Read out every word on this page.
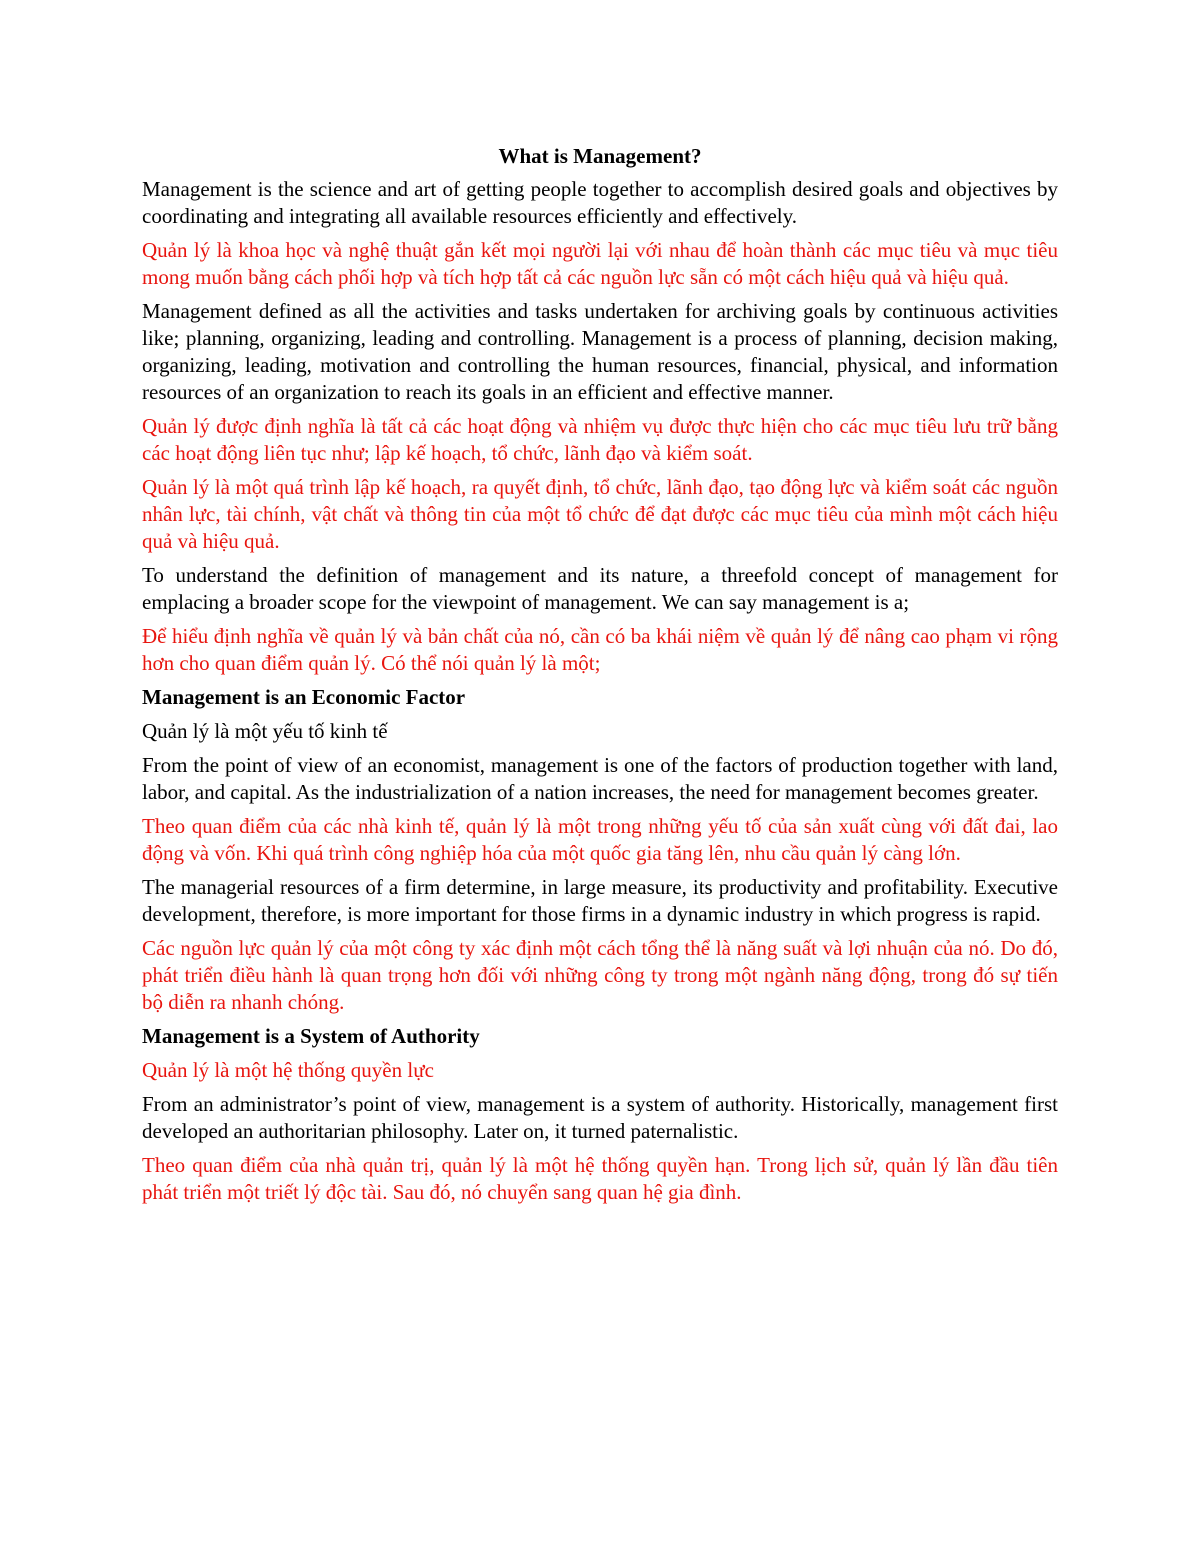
What is Management?
Management is the science and art of getting people together to accomplish desired goals and objectives by coordinating and integrating all available resources efficiently and effectively.
Quản lý là khoa học và nghệ thuật gắn kết mọi người lại với nhau để hoàn thành các mục tiêu và mục tiêu mong muốn bằng cách phối hợp và tích hợp tất cả các nguồn lực sẵn có một cách hiệu quả và hiệu quả.
Management defined as all the activities and tasks undertaken for archiving goals by continuous activities like; planning, organizing, leading and controlling. Management is a process of planning, decision making, organizing, leading, motivation and controlling the human resources, financial, physical, and information resources of an organization to reach its goals in an efficient and effective manner.
Quản lý được định nghĩa là tất cả các hoạt động và nhiệm vụ được thực hiện cho các mục tiêu lưu trữ bằng các hoạt động liên tục như; lập kế hoạch, tổ chức, lãnh đạo và kiểm soát.
Quản lý là một quá trình lập kế hoạch, ra quyết định, tổ chức, lãnh đạo, tạo động lực và kiểm soát các nguồn nhân lực, tài chính, vật chất và thông tin của một tổ chức để đạt được các mục tiêu của mình một cách hiệu quả và hiệu quả.
To understand the definition of management and its nature, a threefold concept of management for emplacing a broader scope for the viewpoint of management. We can say management is a;
Để hiểu định nghĩa về quản lý và bản chất của nó, cần có ba khái niệm về quản lý để nâng cao phạm vi rộng hơn cho quan điểm quản lý. Có thể nói quản lý là một;
Management is an Economic Factor
Quản lý là một yếu tố kinh tế
From the point of view of an economist, management is one of the factors of production together with land, labor, and capital. As the industrialization of a nation increases, the need for management becomes greater.
Theo quan điểm của các nhà kinh tế, quản lý là một trong những yếu tố của sản xuất cùng với đất đai, lao động và vốn. Khi quá trình công nghiệp hóa của một quốc gia tăng lên, nhu cầu quản lý càng lớn.
The managerial resources of a firm determine, in large measure, its productivity and profitability. Executive development, therefore, is more important for those firms in a dynamic industry in which progress is rapid.
Các nguồn lực quản lý của một công ty xác định một cách tổng thể là năng suất và lợi nhuận của nó. Do đó, phát triển điều hành là quan trọng hơn đối với những công ty trong một ngành năng động, trong đó sự tiến bộ diễn ra nhanh chóng.
Management is a System of Authority
Quản lý là một hệ thống quyền lực
From an administrator’s point of view, management is a system of authority. Historically, management first developed an authoritarian philosophy. Later on, it turned paternalistic.
Theo quan điểm của nhà quản trị, quản lý là một hệ thống quyền hạn. Trong lịch sử, quản lý lần đầu tiên phát triển một triết lý độc tài. Sau đó, nó chuyển sang quan hệ gia đình.
